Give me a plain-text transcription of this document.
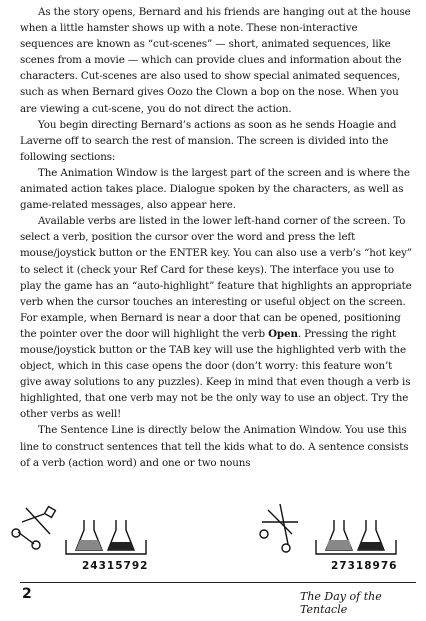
As the story opens, Bernard and his friends are hanging out at the house when a little hamster shows up with a note. These non-interactive sequences are known as “cut-scenes” — short, animated sequences, like scenes from a movie — which can provide clues and information about the characters. Cut-scenes are also used to show special animated sequences, such as when Bernard gives Oozo the Clown a bop on the nose. When you are viewing a cut-scene, you do not direct the action.

You begin directing Bernard’s actions as soon as he sends Hoagie and Laverne off to search the rest of mansion. The screen is divided into the following sections:

The Animation Window is the largest part of the screen and is where the animated action takes place. Dialogue spoken by the characters, as well as game-related messages, also appear here.

Available verbs are listed in the lower left-hand corner of the screen. To select a verb, position the cursor over the word and press the left mouse/joystick button or the ENTER key. You can also use a verb’s “hot key” to select it (check your Ref Card for these keys). The interface you use to play the game has an “auto-highlight” feature that highlights an appropriate verb when the cursor touches an interesting or useful object on the screen. For example, when Bernard is near a door that can be opened, positioning the pointer over the door will highlight the verb Open. Pressing the right mouse/joystick button or the TAB key will use the highlighted verb with the object, which in this case opens the door (don’t worry: this feature won’t give away solutions to any puzzles). Keep in mind that even though a verb is highlighted, that one verb may not be the only way to use an object. Try the other verbs as well!

The Sentence Line is directly below the Animation Window. You use this line to construct sentences that tell the kids what to do. A sentence consists of a verb (action word) and one or two nouns

24315792	27318976
2	The Day of the Tentacle
